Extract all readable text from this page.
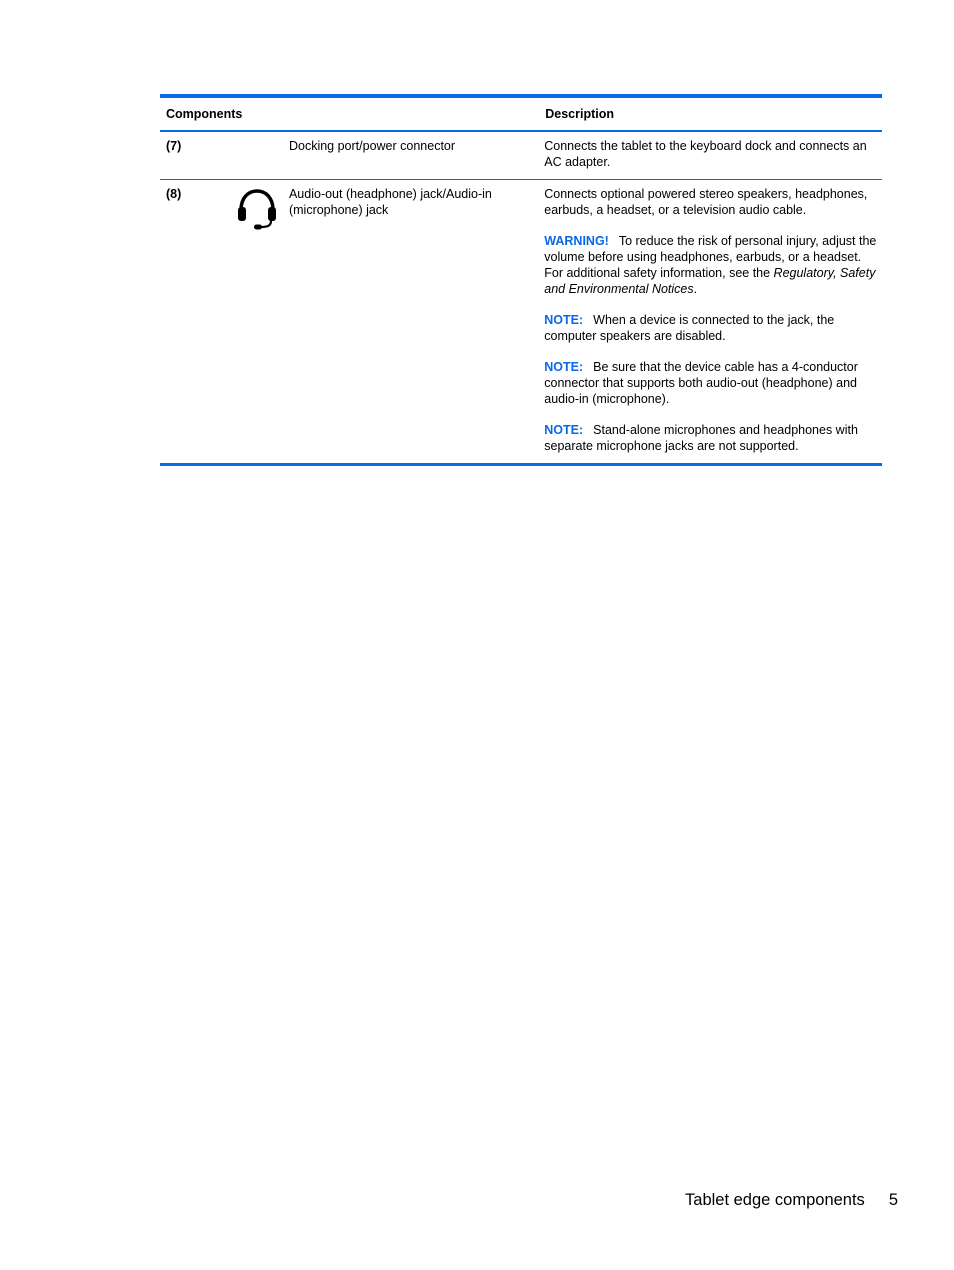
Components			Description
(7)		Docking port/power connector	Connects the tablet to the keyboard dock and connects an AC adapter.

(8)		Audio-out (headphone) jack/Audio-in (microphone) jack	Connects optional powered stereo speakers, headphones, earbuds, a headset, or a television audio cable.

WARNING! To reduce the risk of personal injury, adjust the volume before using headphones, earbuds, or a headset. For additional safety information, see the Regulatory, Safety and Environmental Notices.

NOTE: When a device is connected to the jack, the computer speakers are disabled.

NOTE: Be sure that the device cable has a 4-conductor connector that supports both audio-out (headphone) and audio-in (microphone).

NOTE: Stand-alone microphones and headphones with separate microphone jacks are not supported.

Tablet edge components 5
